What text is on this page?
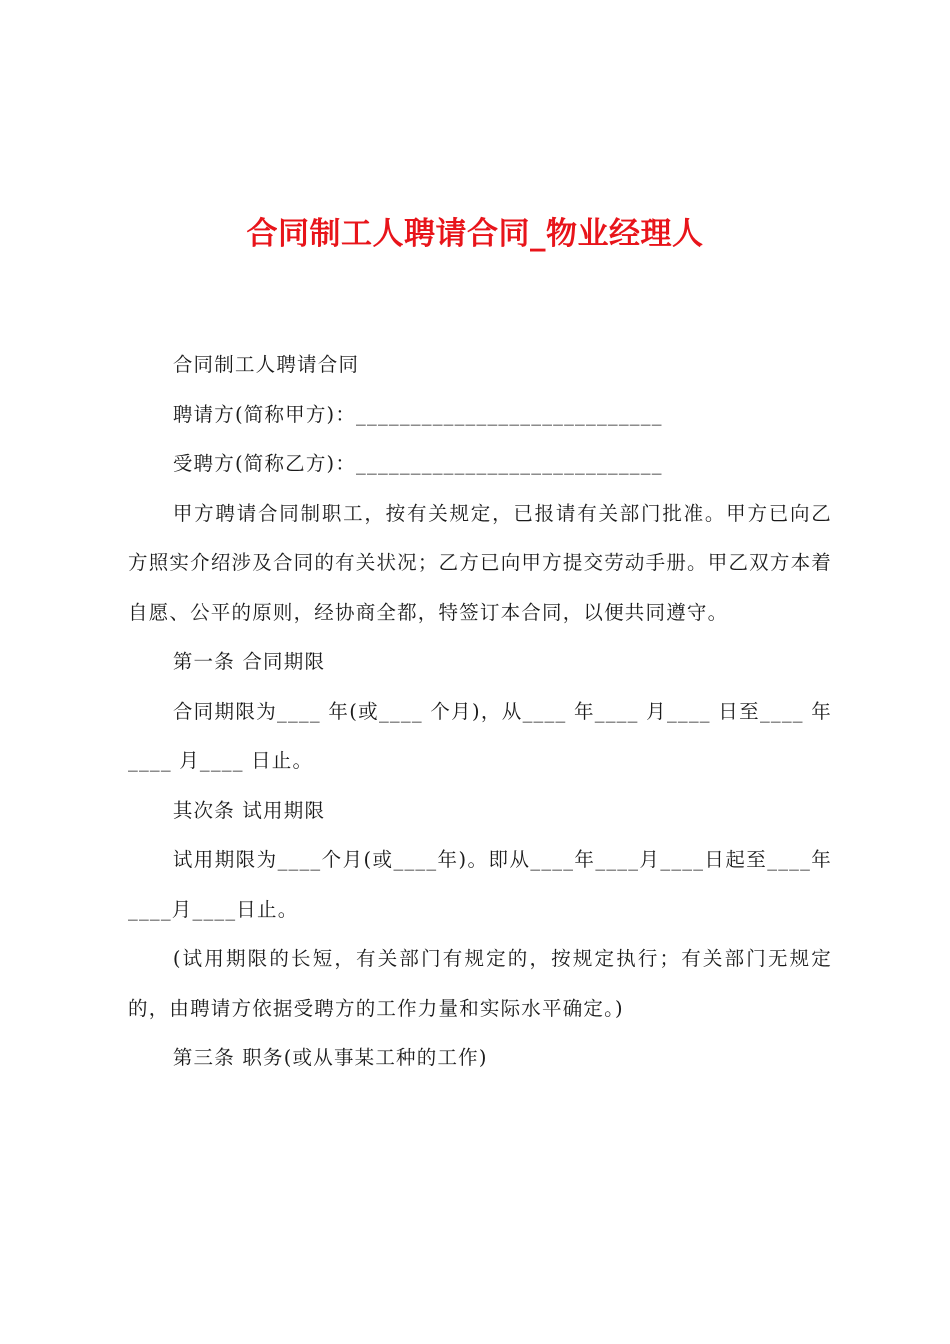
合同制工人聘请合同_物业经理人

合同制工人聘请合同

聘请方(简称甲方)：____________________________

受聘方(简称乙方)：____________________________

甲方聘请合同制职工，按有关规定，已报请有关部门批准。甲方已向乙方照实介绍涉及合同的有关状况；乙方已向甲方提交劳动手册。甲乙双方本着自愿、公平的原则，经协商全都，特签订本合同，以便共同遵守。

第一条 合同期限

合同期限为____ 年(或____ 个月)，从____ 年____ 月____ 日至____ 年____ 月____ 日止。

其次条 试用期限

试用期限为____个月(或____年)。即从____年____月____日起至____年____月____日止。

(试用期限的长短，有关部门有规定的，按规定执行；有关部门无规定的，由聘请方依据受聘方的工作力量和实际水平确定。)

第三条 职务(或从事某工种的工作)
